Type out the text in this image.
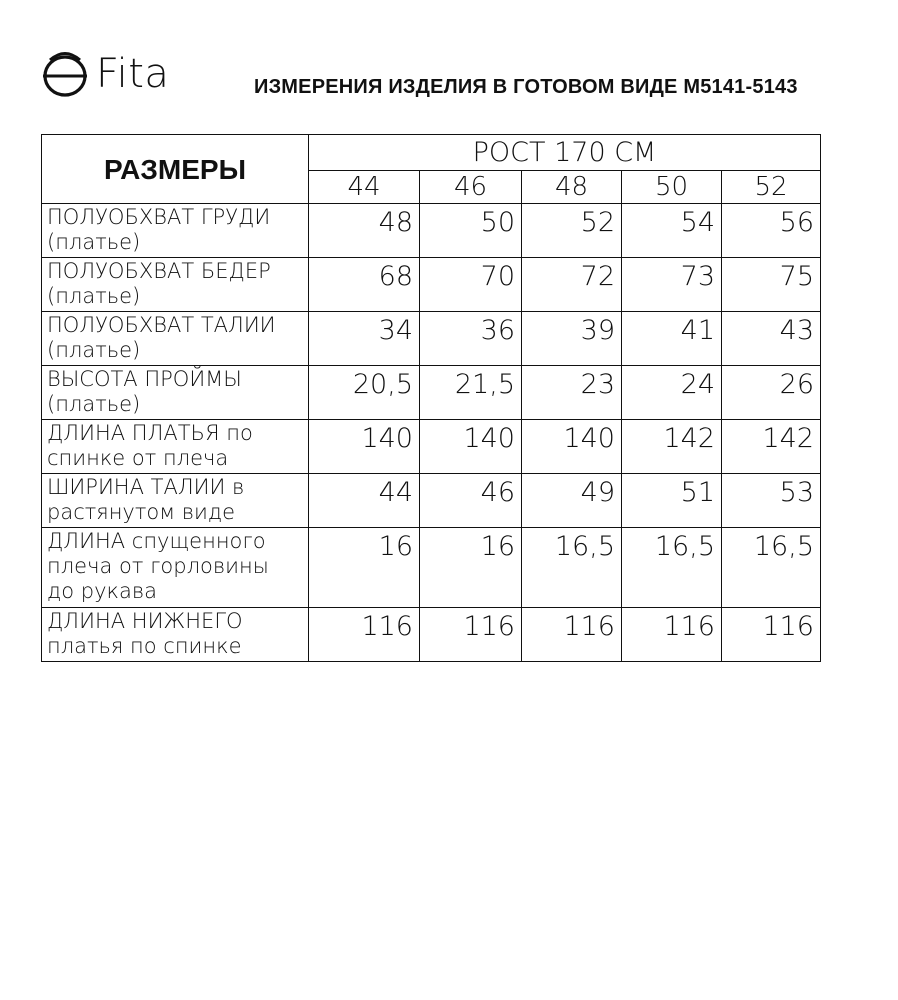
Fita	ИЗМЕРЕНИЯ ИЗДЕЛИЯ В ГОТОВОМ ВИДЕ М5141-5143
РАЗМЕРЫ	РОСТ 170 СМ				
	44	46	48	50	52

ПОЛУОБХВАТ ГРУДИ
(платье)	48	50	52	54	56

ПОЛУОБХВАТ БЕДЕР
(платье)	68	70	72	73	75

ПОЛУОБХВАТ ТАЛИИ
(платье)	34	36	39	41	43

ВЫСОТА ПРОЙМЫ
(платье)	20,5	21,5	23	24	26

ДЛИНА ПЛАТЬЯ по
спинке от плеча	140	140	140	142	142

ШИРИНА ТАЛИИ в
растянутом виде	44	46	49	51	53

ДЛИНА спущенного
плеча от горловины
до рукава	16	16	16,5	16,5	16,5

ДЛИНА НИЖНЕГО
платья по спинке	116	116	116	116	116
